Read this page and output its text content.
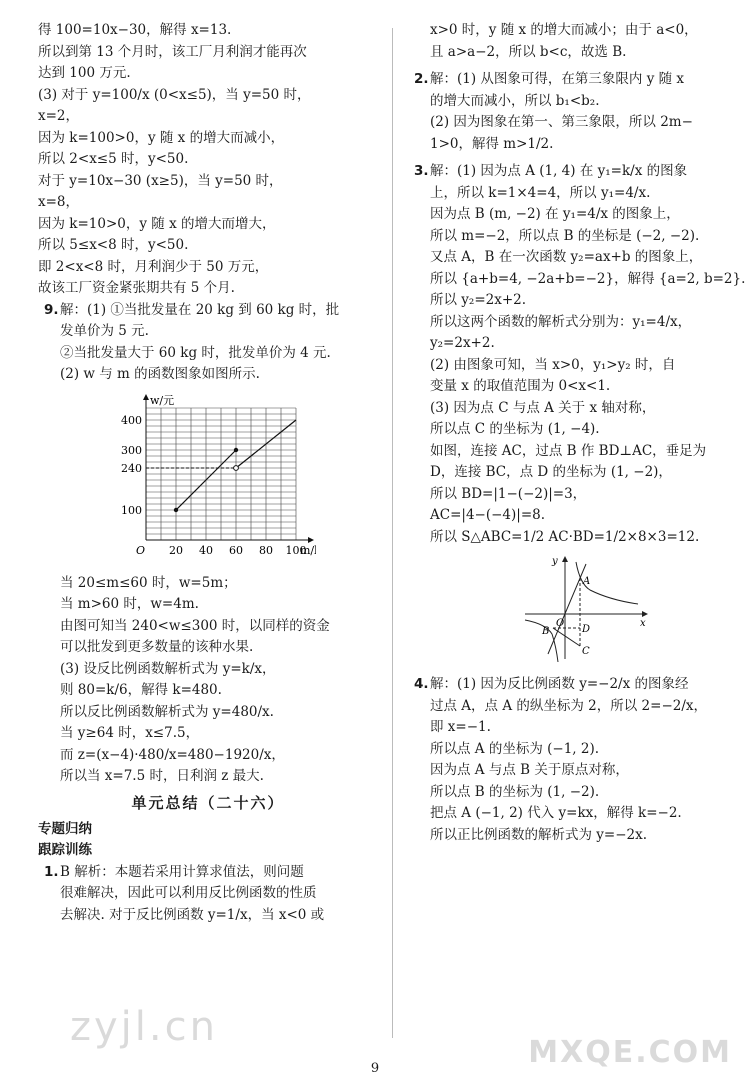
得 100=10x−30，解得 x=13.
所以到第 13 个月时，该工厂月利润才能再次
达到 100 万元.
(3) 对于 y=100/x (0<x≤5)，当 y=50 时，
x=2，
因为 k=100>0，y 随 x 的增大而减小，
所以 2<x≤5 时，y<50.
对于 y=10x−30 (x≥5)，当 y=50 时，
x=8，
因为 k=10>0，y 随 x 的增大而增大，
所以 5≤x<8 时，y<50.
即 2<x<8 时，月利润少于 50 万元，
故该工厂资金紧张期共有 5 个月.
9.解：(1) ①当批发量在 20 kg 到 60 kg 时，批
发单价为 5 元.
②当批发量大于 60 kg 时，批发单价为 4 元.
(2) w 与 m 的函数图象如图所示.
20 40 60 80 100
100
240
300
400
w/元
m/
O
当 20≤m≤60 时，w=5m；
当 m>60 时，w=4m.
由图可知当 240<w≤300 时，以同样的资金
可以批发到更多数量的该种水果.
(3) 设反比例函数解析式为 y=k/x，
则 80=k/6，解得 k=480.
所以反比例函数解析式为 y=480/x.
当 y≥64 时，x≤7.5，
而 z=(x−4)·480/x=480−1920/x，
所以当 x=7.5 时，日利润 z 最大.
单元总结（二十六）
专题归纳
跟踪训练
1.B 解析：本题若采用计算求值法，则问题
很难解决，因此可以利用反比例函数的性质
去解决. 对于反比例函数 y=1/x，当 x<0 或
x>0 时，y 随 x 的增大而减小；由于 a<0，
且 a>a−2，所以 b<c，故选 B.
2.解：(1) 从图象可得，在第三象限内 y 随 x
的增大而减小，所以 b₁<b₂.
(2) 因为图象在第一、第三象限，所以 2m−
1>0，解得 m>1/2.
3.解：(1) 因为点 A (1, 4) 在 y₁=k/x 的图象
上，所以 k=1×4=4，所以 y₁=4/x.
因为点 B (m, −2) 在 y₁=4/x 的图象上，
所以 m=−2，所以点 B 的坐标是 (−2, −2).
又点 A，B 在一次函数 y₂=ax+b 的图象上，
所以 {a+b=4, −2a+b=−2}，解得 {a=2, b=2}.
所以 y₂=2x+2.
所以这两个函数的解析式分别为：y₁=4/x，
y₂=2x+2.
(2) 由图象可知，当 x>0，y₁>y₂ 时，自
变量 x 的取值范围为 0<x<1.
(3) 因为点 C 与点 A 关于 x 轴对称，
所以点 C 的坐标为 (1, −4).
如图，连接 AC，过点 B 作 BD⊥AC，垂足为
D，连接 BC，点 D 的坐标为 (1, −2)，
所以 BD=|1−(−2)|=3，
AC=|4−(−4)|=8.
所以 S△ABC=1/2 AC·BD=1/2×8×3=12.
x
y
A
B
C
D
O
4.解：(1) 因为反比例函数 y=−2/x 的图象经
过点 A，点 A 的纵坐标为 2，所以 2=−2/x，
即 x=−1.
所以点 A 的坐标为 (−1, 2).
因为点 A 与点 B 关于原点对称，
所以点 B 的坐标为 (1, −2).
把点 A (−1, 2) 代入 y=kx，解得 k=−2.
所以正比例函数的解析式为 y=−2x.
9
zyjl.cn
MXQE.COM
